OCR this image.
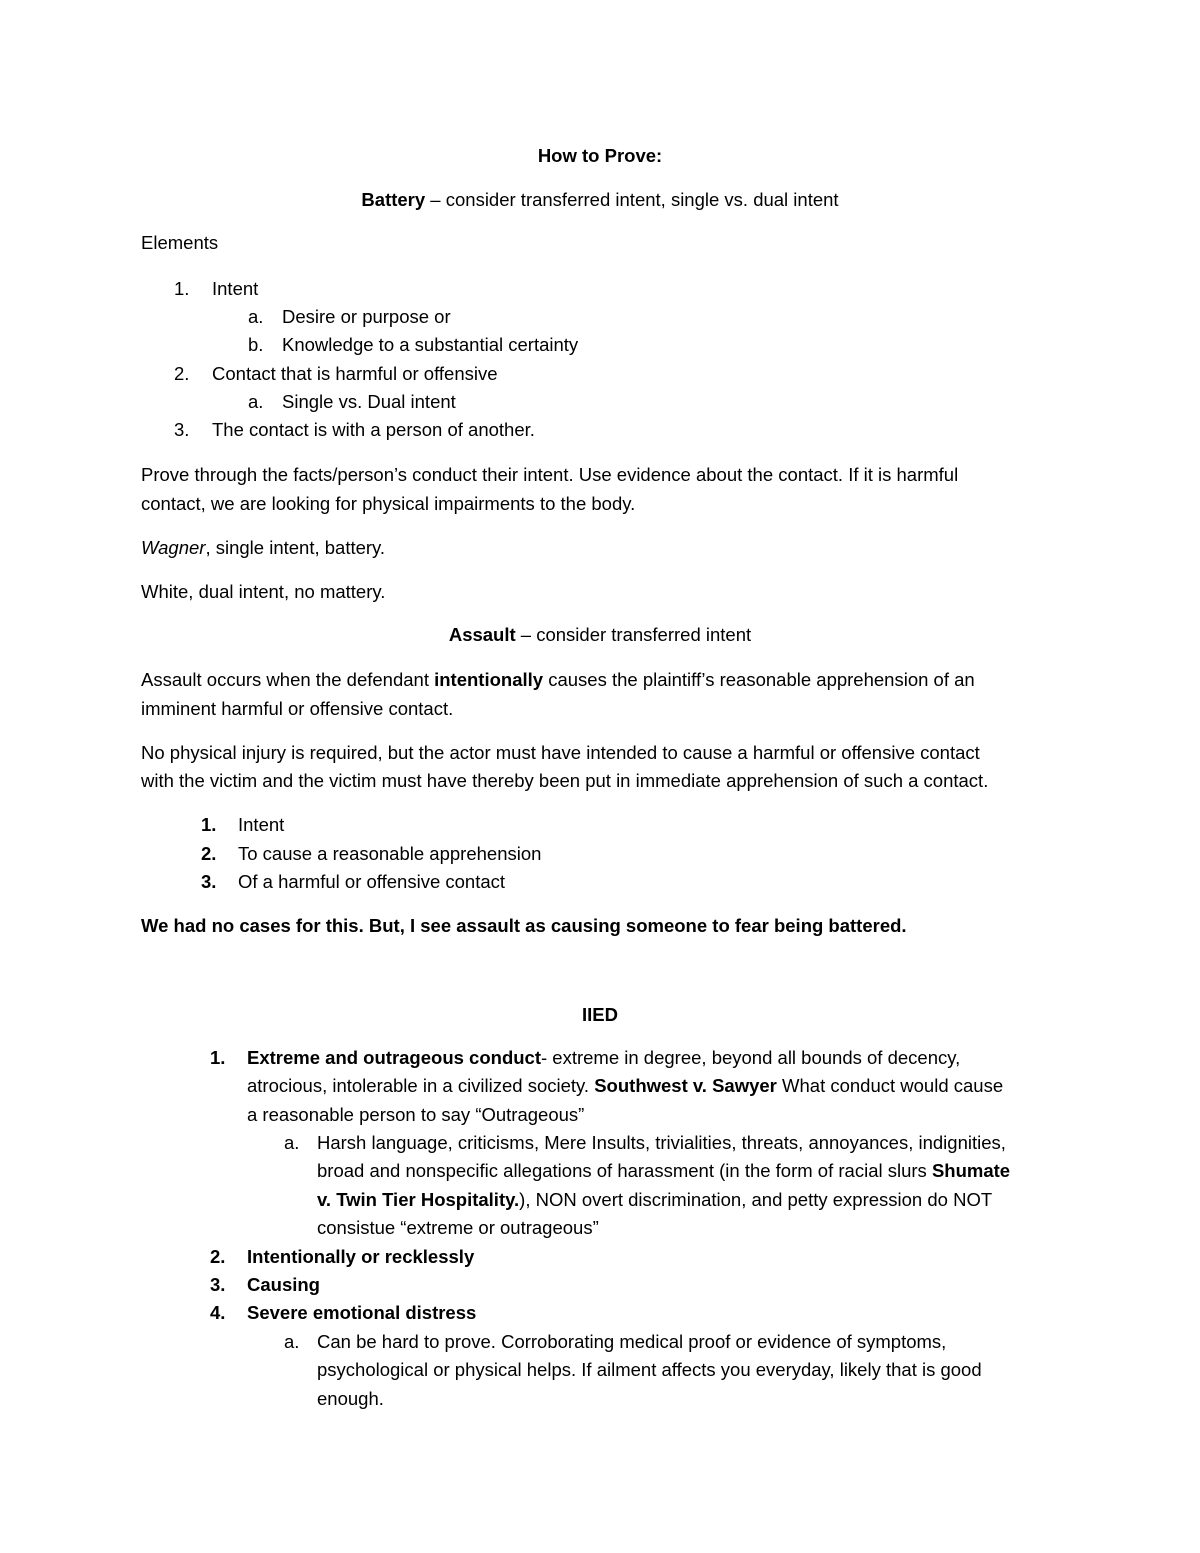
How to Prove:
Battery – consider transferred intent, single vs. dual intent
Elements
1. Intent
a. Desire or purpose or
b. Knowledge to a substantial certainty
2. Contact that is harmful or offensive
a. Single vs. Dual intent
3. The contact is with a person of another.
Prove through the facts/person’s conduct their intent. Use evidence about the contact. If it is harmful
contact, we are looking for physical impairments to the body.
Wagner, single intent, battery.
White, dual intent, no mattery.
Assault – consider transferred intent
Assault occurs when the defendant intentionally causes the plaintiff’s reasonable apprehension of an
imminent harmful or offensive contact.
No physical injury is required, but the actor must have intended to cause a harmful or offensive contact
with the victim and the victim must have thereby been put in immediate apprehension of such a contact.
1. Intent
2. To cause a reasonable apprehension
3. Of a harmful or offensive contact
We had no cases for this. But, I see assault as causing someone to fear being battered.
IIED
1. Extreme and outrageous conduct- extreme in degree, beyond all bounds of decency,
atrocious, intolerable in a civilized society. Southwest v. Sawyer What conduct would cause
a reasonable person to say “Outrageous”
a. Harsh language, criticisms, Mere Insults, trivialities, threats, annoyances, indignities,
broad and nonspecific allegations of harassment (in the form of racial slurs Shumate
v. Twin Tier Hospitality.), NON overt discrimination, and petty expression do NOT
consistue “extreme or outrageous”
2. Intentionally or recklessly
3. Causing
4. Severe emotional distress
a. Can be hard to prove. Corroborating medical proof or evidence of symptoms,
psychological or physical helps. If ailment affects you everyday, likely that is good
enough.
